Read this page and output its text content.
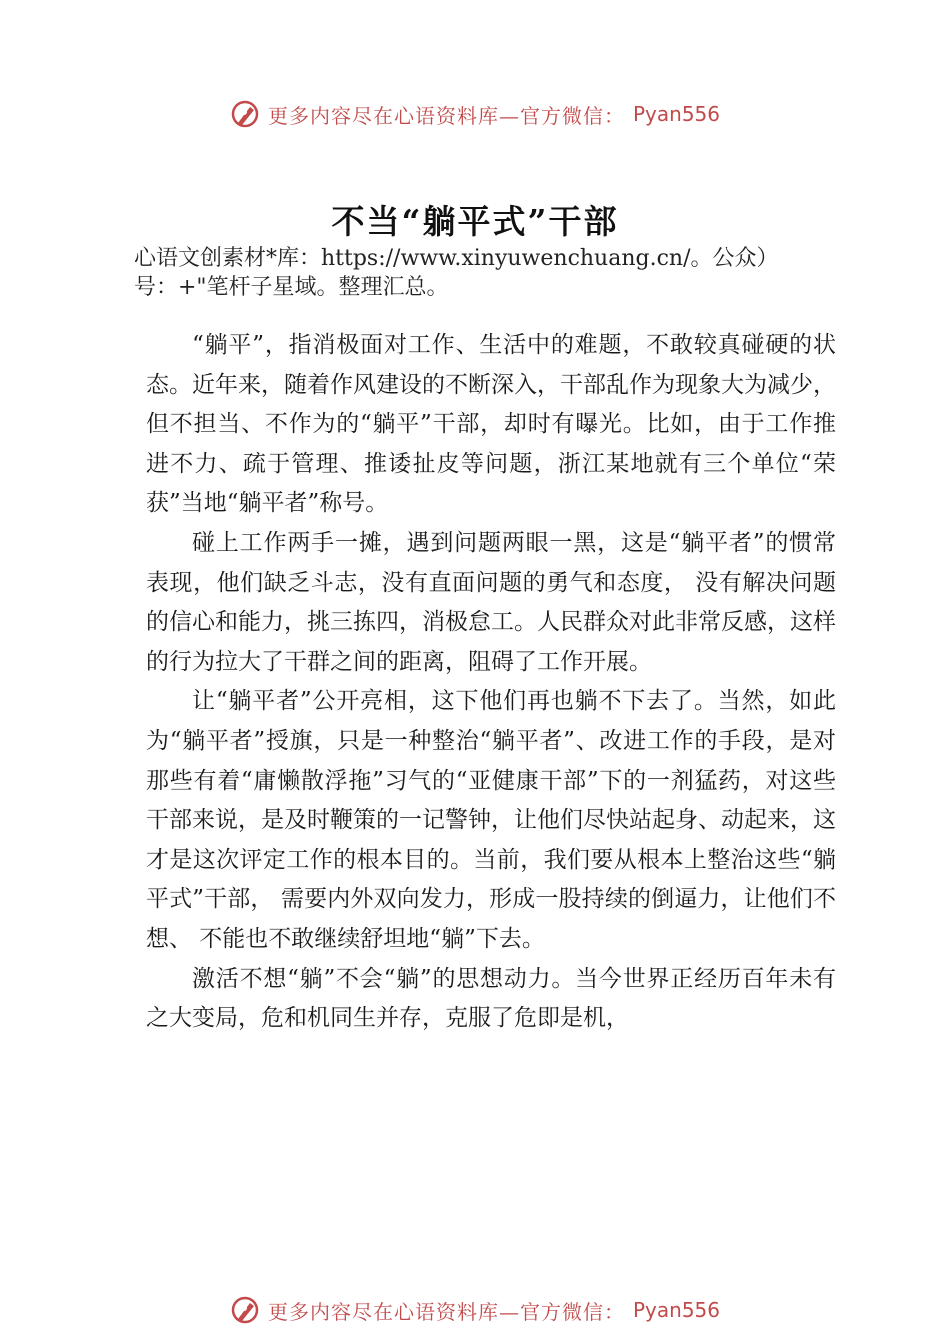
更多内容尽在心语资料库—官方微信： Pyan556
不当“躺平式”干部
心语文创素材*库：https://www.xinyuwenchuang.cn/。公众）号：+"笔杆子星域。整理汇总。

“躺平”，指消极面对工作、生活中的难题，不敢较真碰硬的状态。近年来，随着作风建设的不断深入，干部乱作为现象大为减少，但不担当、不作为的“躺平”干部，却时有曝光。比如，由于工作推进不力、疏于管理、推诿扯皮等问题，浙江某地就有三个单位“荣获”当地“躺平者”称号。

碰上工作两手一摊，遇到问题两眼一黑，这是“躺平者”的惯常表现，他们缺乏斗志，没有直面问题的勇气和态度， 没有解决问题的信心和能力，挑三拣四，消极怠工。人民群众对此非常反感，这样的行为拉大了干群之间的距离，阻碍了工作开展。

让“躺平者”公开亮相，这下他们再也躺不下去了。当然，如此为“躺平者”授旗，只是一种整治“躺平者”、改进工作的手段，是对那些有着“庸懒散浮拖”习气的“亚健康干部”下的一剂猛药，对这些干部来说，是及时鞭策的一记警钟，让他们尽快站起身、动起来，这才是这次评定工作的根本目的。当前，我们要从根本上整治这些“躺平式”干部， 需要内外双向发力，形成一股持续的倒逼力，让他们不想、 不能也不敢继续舒坦地“躺”下去。

激活不想“躺”不会“躺”的思想动力。当今世界正经历百年未有之大变局，危和机同生并存，克服了危即是机，

更多内容尽在心语资料库—官方微信： Pyan556
